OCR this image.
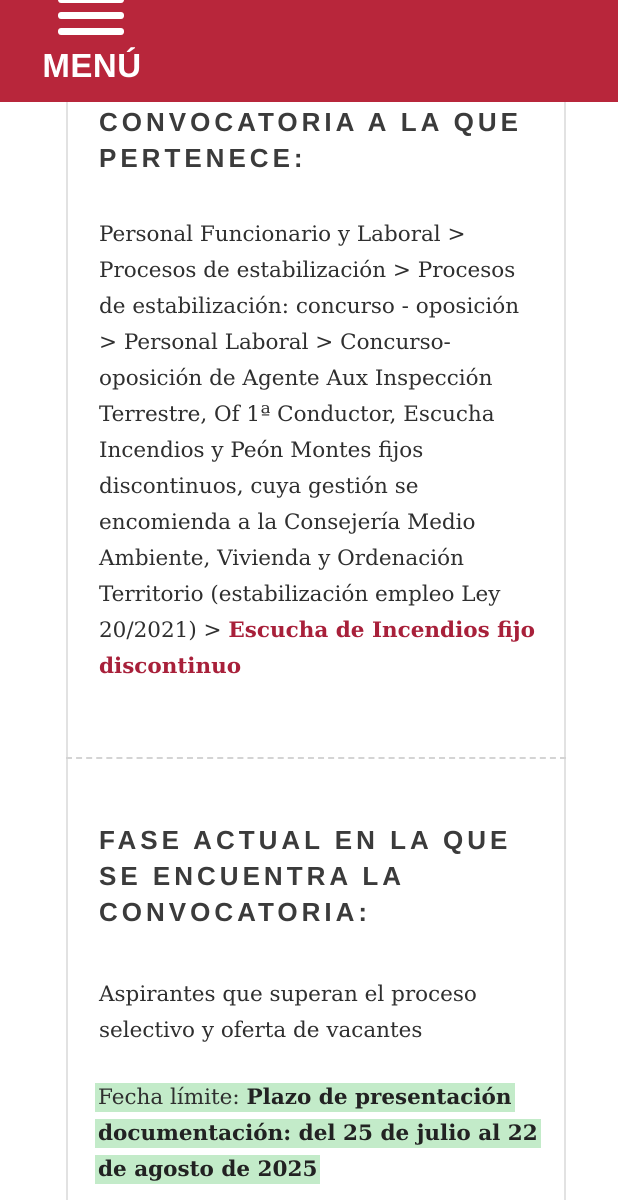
MENÚ
CONVOCATORIA A LA QUE
PERTENECE:

Personal Funcionario y Laboral > Procesos de estabilización > Procesos de estabilización: concurso - oposición > Personal Laboral > Concurso-oposición de Agente Aux Inspección Terrestre, Of 1ª Conductor, Escucha Incendios y Peón Montes fijos discontinuos, cuya gestión se encomienda a la Consejería Medio Ambiente, Vivienda y Ordenación Territorio (estabilización empleo Ley 20/2021) > Escucha de Incendios fijo discontinuo

FASE ACTUAL EN LA QUE
SE ENCUENTRA LA
CONVOCATORIA:

Aspirantes que superan el proceso selectivo y oferta de vacantes

Fecha límite: Plazo de presentación documentación: del 25 de julio al 22 de agosto de 2025
